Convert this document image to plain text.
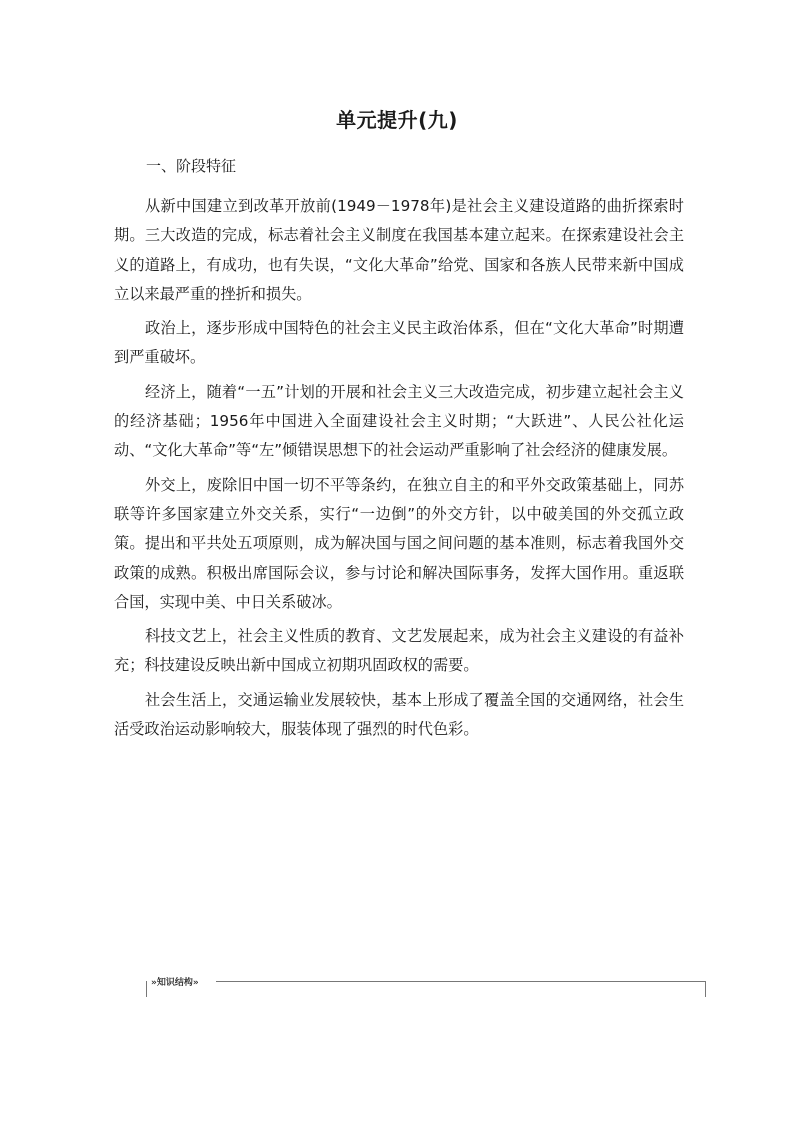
单元提升(九)
一、阶段特征

从新中国建立到改革开放前(1949－1978年)是社会主义建设道路的曲折探索时期。三大改造的完成，标志着社会主义制度在我国基本建立起来。在探索建设社会主义的道路上，有成功，也有失误，“文化大革命”给党、国家和各族人民带来新中国成立以来最严重的挫折和损失。

政治上，逐步形成中国特色的社会主义民主政治体系，但在“文化大革命”时期遭到严重破坏。

经济上，随着“一五”计划的开展和社会主义三大改造完成，初步建立起社会主义的经济基础；1956年中国进入全面建设社会主义时期；“大跃进”、人民公社化运动、“文化大革命”等“左”倾错误思想下的社会运动严重影响了社会经济的健康发展。

外交上，废除旧中国一切不平等条约，在独立自主的和平外交政策基础上，同苏联等许多国家建立外交关系，实行“一边倒”的外交方针，以中破美国的外交孤立政策。提出和平共处五项原则，成为解决国与国之间问题的基本准则，标志着我国外交政策的成熟。积极出席国际会议，参与讨论和解决国际事务，发挥大国作用。重返联合国，实现中美、中日关系破冰。

科技文艺上，社会主义性质的教育、文艺发展起来，成为社会主义建设的有益补充；科技建设反映出新中国成立初期巩固政权的需要。

社会生活上，交通运输业发展较快，基本上形成了覆盖全国的交通网络，社会生活受政治运动影响较大，服装体现了强烈的时代色彩。

»知识结构»
